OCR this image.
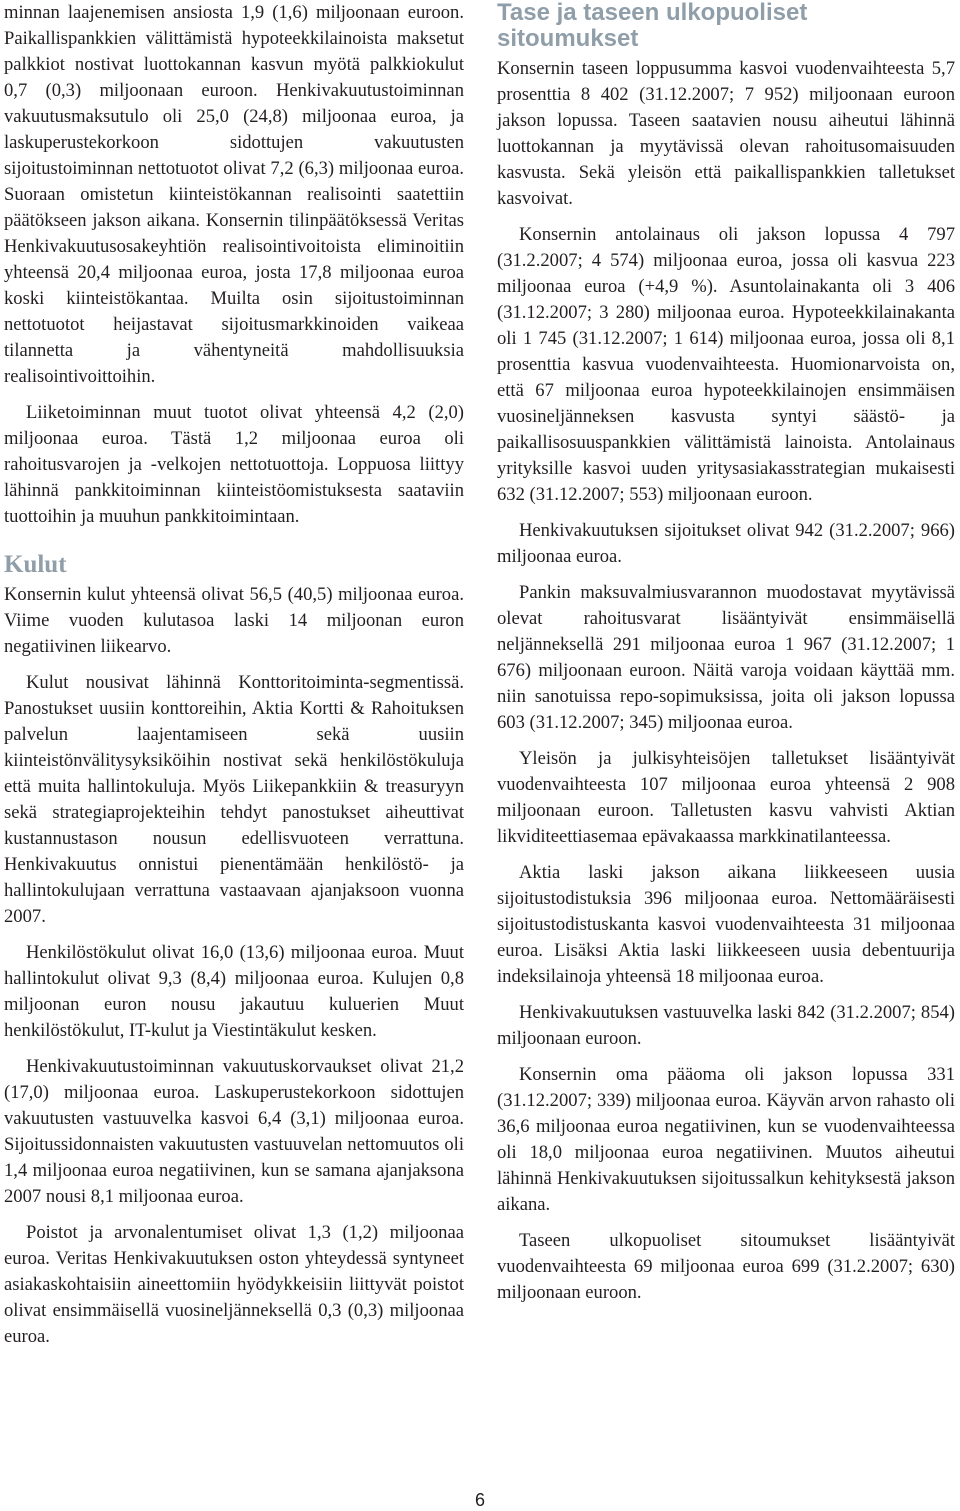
minnan laajenemisen ansiosta 1,9 (1,6) miljoonaan euroon. Paikallispankkien välittämistä hypoteekkilainoista maksetut palkkiot nostivat luottokannan kasvun myötä palkkiokulut 0,7 (0,3) miljoonaan euroon. Henkivakuutustoiminnan vakuutusmaksutulo oli 25,0 (24,8) miljoonaa euroa, ja laskuperustekorkoon sidottujen vakuutusten sijoitustoiminnan nettotuotot olivat 7,2 (6,3) miljoonaa euroa. Suoraan omistetun kiinteistökannan realisointi saatettiin päätökseen jakson aikana. Konsernin tilinpäätöksessä Veritas Henkivakuutusosakeyhtiön realisointivoitoista eliminoitiin yhteensä 20,4 miljoonaa euroa, josta 17,8 miljoonaa euroa koski kiinteistökantaa. Muilta osin sijoitustoiminnan nettotuotot heijastavat sijoitusmarkkinoiden vaikeaa tilannetta ja vähentyneitä mahdollisuuksia realisointivoittoihin.

Liiketoiminnan muut tuotot olivat yhteensä 4,2 (2,0) miljoonaa euroa. Tästä 1,2 miljoonaa euroa oli rahoitusvarojen ja -velkojen nettotuottoja. Loppuosa liittyy lähinnä pankkitoiminnan kiinteistöomistuksesta saataviin tuottoihin ja muuhun pankkitoimintaan.

Kulut

Konsernin kulut yhteensä olivat 56,5 (40,5) miljoonaa euroa. Viime vuoden kulutasoa laski 14 miljoonan euron negatiivinen liikearvo.

Kulut nousivat lähinnä Konttoritoiminta-segmentissä. Panostukset uusiin konttoreihin, Aktia Kortti & Rahoituksen palvelun laajentamiseen sekä uusiin kiinteistönvälitysyksiköihin nostivat sekä henkilöstökuluja että muita hallintokuluja. Myös Liikepankkiin & treasuryyn sekä strategiaprojekteihin tehdyt panostukset aiheuttivat kustannustason nousun edellisvuoteen verrattuna. Henkivakuutus onnistui pienentämään henkilöstö- ja hallintokulujaan verrattuna vastaavaan ajanjaksoon vuonna 2007.

Henkilöstökulut olivat 16,0 (13,6) miljoonaa euroa. Muut hallintokulut olivat 9,3 (8,4) miljoonaa euroa. Kulujen 0,8 miljoonan euron nousu jakautuu kuluerien Muut henkilöstökulut, IT-kulut ja Viestintäkulut kesken.

Henkivakuutustoiminnan vakuutuskorvaukset olivat 21,2 (17,0) miljoonaa euroa. Laskuperustekorkoon sidottujen vakuutusten vastuuvelka kasvoi 6,4 (3,1) miljoonaa euroa. Sijoitussidonnaisten vakuutusten vastuuvelan nettomuutos oli 1,4 miljoonaa euroa negatiivinen, kun se samana ajanjaksona 2007 nousi 8,1 miljoonaa euroa.

Poistot ja arvonalentumiset olivat 1,3 (1,2) miljoonaa euroa. Veritas Henkivakuutuksen oston yhteydessä syntyneet asiakaskohtaisiin aineettomiin hyödykkeisiin liittyvät poistot olivat ensimmäisellä vuosineljänneksellä 0,3 (0,3) miljoonaa euroa.

Tase ja taseen ulkopuoliset sitoumukset

Konsernin taseen loppusumma kasvoi vuodenvaihteesta 5,7 prosenttia 8 402 (31.12.2007; 7 952) miljoonaan euroon jakson lopussa. Taseen saatavien nousu aiheutui lähinnä luottokannan ja myytävissä olevan rahoitusomaisuuden kasvusta. Sekä yleisön että paikallispankkien talletukset kasvoivat.

Konsernin antolainaus oli jakson lopussa 4 797 (31.2.2007; 4 574) miljoonaa euroa, jossa oli kasvua 223 miljoonaa euroa (+4,9 %). Asuntolainakanta oli 3 406 (31.12.2007; 3 280) miljoonaa euroa. Hypoteekkilainakanta oli 1 745 (31.12.2007; 1 614) miljoonaa euroa, jossa oli 8,1 prosenttia kasvua vuodenvaihteesta. Huomionarvoista on, että 67 miljoonaa euroa hypoteekkilainojen ensimmäisen vuosineljänneksen kasvusta syntyi säästö- ja paikallisosuuspankkien välittämistä lainoista. Antolainaus yrityksille kasvoi uuden yritysasiakasstrategian mukaisesti 632 (31.12.2007; 553) miljoonaan euroon.

Henkivakuutuksen sijoitukset olivat 942 (31.2.2007; 966) miljoonaa euroa.

Pankin maksuvalmiusvarannon muodostavat myytävissä olevat rahoitusvarat lisääntyivät ensimmäisellä neljänneksellä 291 miljoonaa euroa 1 967 (31.12.2007; 1 676) miljoonaan euroon. Näitä varoja voidaan käyttää mm. niin sanotuissa repo-sopimuksissa, joita oli jakson lopussa 603 (31.12.2007; 345) miljoonaa euroa.

Yleisön ja julkisyhteisöjen talletukset lisääntyivät vuodenvaihteesta 107 miljoonaa euroa yhteensä 2 908 miljoonaan euroon. Talletusten kasvu vahvisti Aktian likviditeettiasemaa epävakaassa markkinatilanteessa.

Aktia laski jakson aikana liikkeeseen uusia sijoitustodistuksia 396 miljoonaa euroa. Nettomääräisesti sijoitustodistuskanta kasvoi vuodenvaihteesta 31 miljoonaa euroa. Lisäksi Aktia laski liikkeeseen uusia debentuurija indeksilainoja yhteensä 18 miljoonaa euroa.

Henkivakuutuksen vastuuvelka laski 842 (31.2.2007; 854) miljoonaan euroon.

Konsernin oma pääoma oli jakson lopussa 331 (31.12.2007; 339) miljoonaa euroa. Käyvän arvon rahasto oli 36,6 miljoonaa euroa negatiivinen, kun se vuodenvaihteessa oli 18,0 miljoonaa euroa negatiivinen. Muutos aiheutui lähinnä Henkivakuutuksen sijoitussalkun kehityksestä jakson aikana.

Taseen ulkopuoliset sitoumukset lisääntyivät vuodenvaihteesta 69 miljoonaa euroa 699 (31.2.2007; 630) miljoonaan euroon.

6
